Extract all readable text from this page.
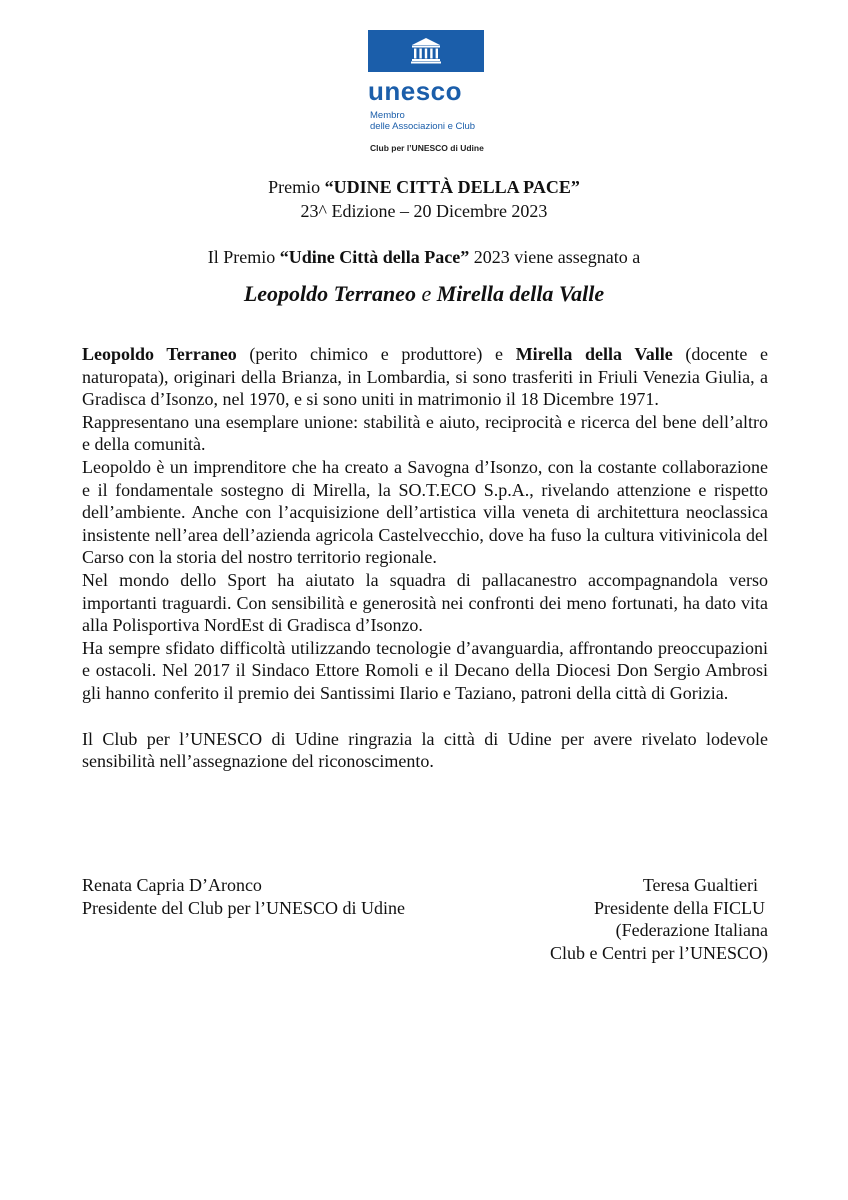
unesco
Membro
delle Associazioni e Club
Club per l’UNESCO di Udine
Premio “UDINE CITTÀ DELLA PACE”
23^ Edizione – 20 Dicembre 2023
Il Premio “Udine Città della Pace” 2023 viene assegnato a
Leopoldo Terraneo e Mirella della Valle

Leopoldo Terraneo (perito chimico e produttore) e Mirella della Valle (docente e naturopata), originari della Brianza, in Lombardia, si sono trasferiti in Friuli Venezia Giulia, a Gradisca d’Isonzo, nel 1970, e si sono uniti in matrimonio il 18 Dicembre 1971.

Rappresentano una esemplare unione: stabilità e aiuto, reciprocità e ricerca del bene dell’altro e della comunità.

Leopoldo è un imprenditore che ha creato a Savogna d’Isonzo, con la costante collaborazione e il fondamentale sostegno di Mirella, la SO.T.ECO S.p.A., rivelando attenzione e rispetto dell’ambiente. Anche con l’acquisizione dell’artistica villa veneta di architettura neoclassica insistente nell’area dell’azienda agricola Castelvecchio, dove ha fuso la cultura vitivinicola del Carso con la storia del nostro territorio regionale.

Nel mondo dello Sport ha aiutato la squadra di pallacanestro accompagnandola verso importanti traguardi. Con sensibilità e generosità nei confronti dei meno fortunati, ha dato vita alla Polisportiva NordEst di Gradisca d’Isonzo.

Ha sempre sfidato difficoltà utilizzando tecnologie d’avanguardia, affrontando preoccupazioni e ostacoli. Nel 2017 il Sindaco Ettore Romoli e il Decano della Diocesi Don Sergio Ambrosi gli hanno conferito il premio dei Santissimi Ilario e Taziano, patroni della città di Gorizia.

Il Club per l’UNESCO di Udine ringrazia la città di Udine per avere rivelato lodevole sensibilità nell’assegnazione del riconoscimento.

Renata Capria D’Aronco
Presidente del Club per l’UNESCO di Udine
Teresa Gualtieri
Presidente della FICLU
(Federazione Italiana
Club e Centri per l’UNESCO)
